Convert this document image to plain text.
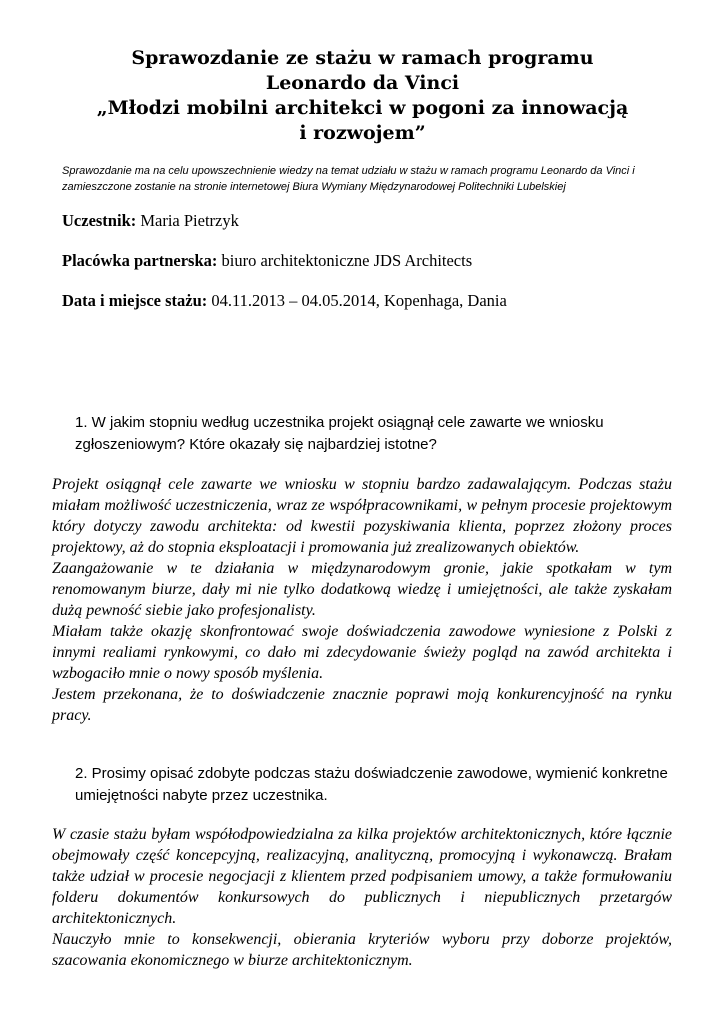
Sprawozdanie ze stażu w ramach programu
Leonardo da Vinci
„Młodzi mobilni architekci w pogoni za innowacją
i rozwojem”
Sprawozdanie ma na celu upowszechnienie wiedzy na temat udziału w stażu w ramach programu Leonardo da Vinci i zamieszczone zostanie na stronie internetowej Biura Wymiany Międzynarodowej Politechniki Lubelskiej
Uczestnik: Maria Pietrzyk
Placówka partnerska: biuro architektoniczne JDS Architects
Data i miejsce stażu: 04.11.2013 – 04.05.2014, Kopenhaga, Dania
1. W jakim stopniu według uczestnika projekt osiągnął cele zawarte we wniosku zgłoszeniowym? Które okazały się najbardziej istotne?

Projekt osiągnął cele zawarte we wniosku w stopniu bardzo zadawalającym. Podczas stażu miałam możliwość uczestniczenia, wraz ze współpracownikami, w pełnym procesie projektowym który dotyczy zawodu architekta: od kwestii pozyskiwania klienta, poprzez złożony proces projektowy, aż do stopnia eksploatacji i promowania już zrealizowanych obiektów.

Zaangażowanie w te działania w międzynarodowym gronie, jakie spotkałam w tym renomowanym biurze, dały mi nie tylko dodatkową wiedzę i umiejętności, ale także zyskałam dużą pewność siebie jako profesjonalisty.

Miałam także okazję skonfrontować swoje doświadczenia zawodowe wyniesione z Polski z innymi realiami rynkowymi, co dało mi zdecydowanie świeży pogląd na zawód architekta i wzbogaciło mnie o nowy sposób myślenia.

Jestem przekonana, że to doświadczenie znacznie poprawi moją konkurencyjność na rynku pracy.

2. Prosimy opisać zdobyte podczas stażu doświadczenie zawodowe, wymienić konkretne umiejętności nabyte przez uczestnika.

W czasie stażu byłam współodpowiedzialna za kilka projektów architektonicznych, które łącznie obejmowały część koncepcyjną, realizacyjną, analityczną, promocyjną i wykonawczą. Brałam także udział w procesie negocjacji z klientem przed podpisaniem umowy, a także formułowaniu folderu dokumentów konkursowych do publicznych i niepublicznych przetargów architektonicznych.

Nauczyło mnie to konsekwencji, obierania kryteriów wyboru przy doborze projektów, szacowania ekonomicznego w biurze architektonicznym.
